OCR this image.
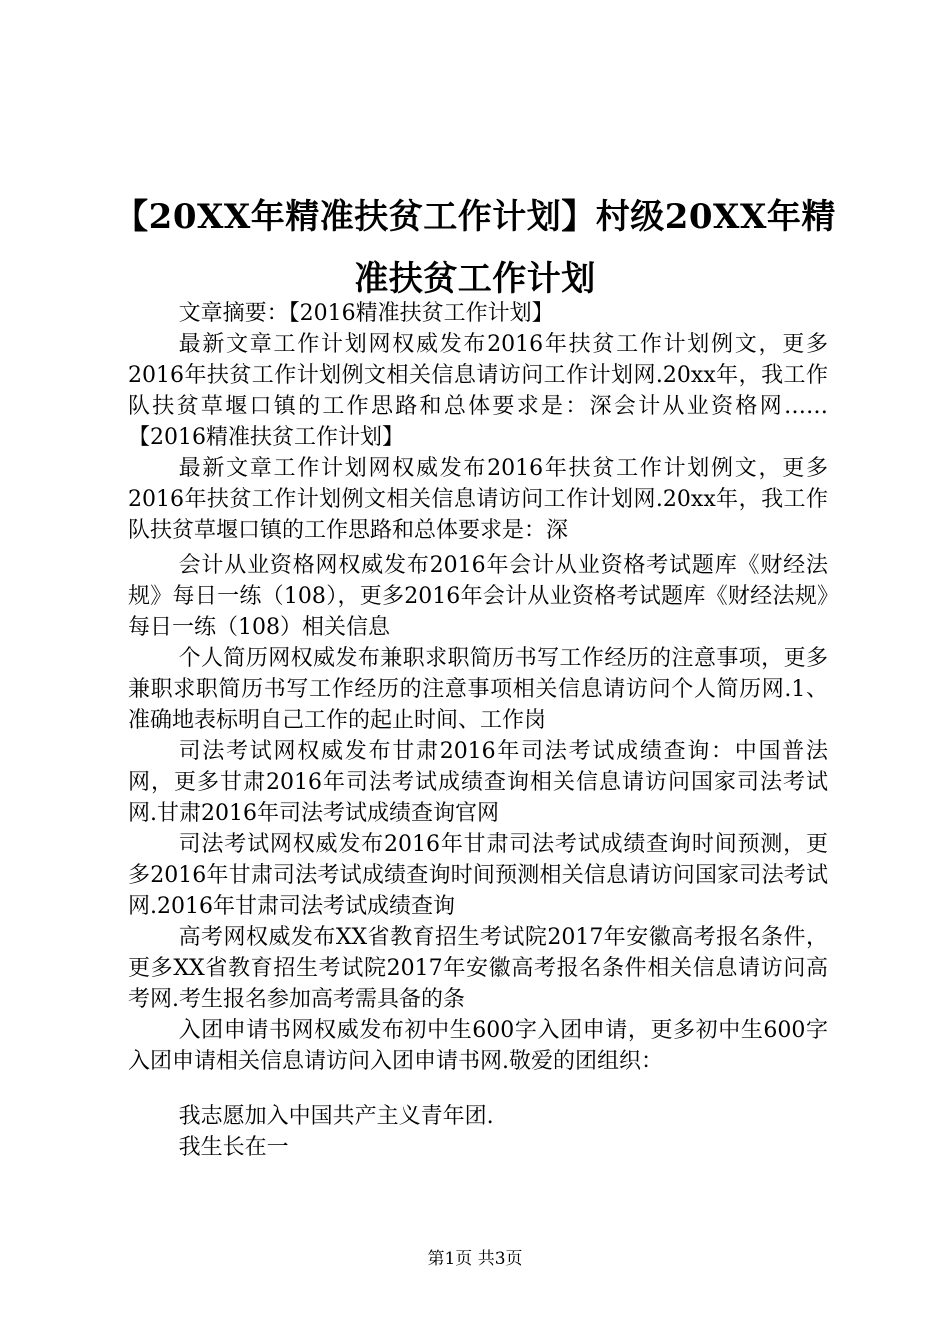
【20XX年精准扶贫工作计划】村级20XX年精
准扶贫工作计划

文章摘要：【2016精准扶贫工作计划】

最新文章工作计划网权威发布2016年扶贫工作计划例文，更多2016年扶贫工作计划例文相关信息请访问工作计划网.20xx年，我工作队扶贫草堰口镇的工作思路和总体要求是：深会计从业资格网……【2016精准扶贫工作计划】

最新文章工作计划网权威发布2016年扶贫工作计划例文，更多2016年扶贫工作计划例文相关信息请访问工作计划网.20xx年，我工作队扶贫草堰口镇的工作思路和总体要求是：深

会计从业资格网权威发布2016年会计从业资格考试题库《财经法规》每日一练（108），更多2016年会计从业资格考试题库《财经法规》每日一练（108）相关信息

个人简历网权威发布兼职求职简历书写工作经历的注意事项，更多兼职求职简历书写工作经历的注意事项相关信息请访问个人简历网.1、准确地表标明自己工作的起止时间、工作岗

司法考试网权威发布甘肃2016年司法考试成绩查询：中国普法网，更多甘肃2016年司法考试成绩查询相关信息请访问国家司法考试网.甘肃2016年司法考试成绩查询官网

司法考试网权威发布2016年甘肃司法考试成绩查询时间预测，更多2016年甘肃司法考试成绩查询时间预测相关信息请访问国家司法考试网.2016年甘肃司法考试成绩查询

高考网权威发布XX省教育招生考试院2017年安徽高考报名条件，更多XX省教育招生考试院2017年安徽高考报名条件相关信息请访问高考网.考生报名参加高考需具备的条

入团申请书网权威发布初中生600字入团申请，更多初中生600字入团申请相关信息请访问入团申请书网.敬爱的团组织：

我志愿加入中国共产主义青年团.

我生长在一

第1页 共3页
